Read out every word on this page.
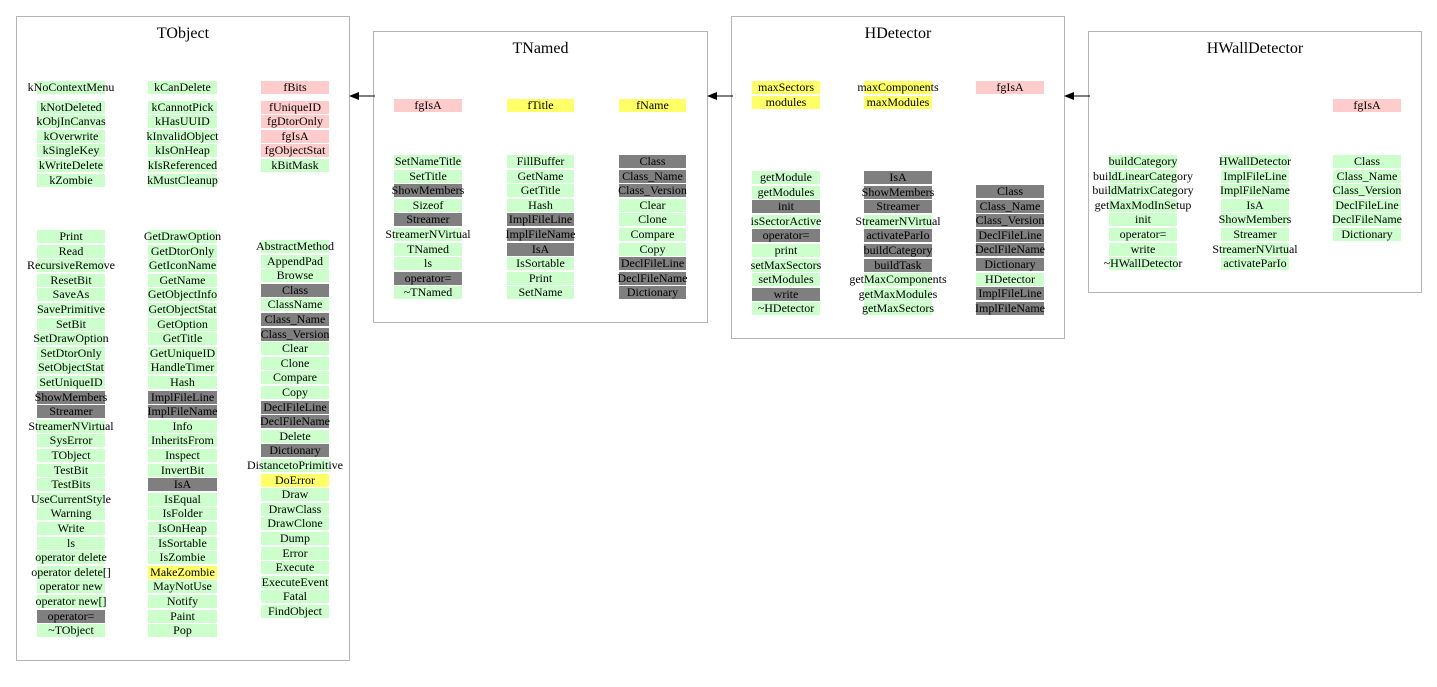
TObject
TNamed
HDetector
HWallDetector
kNoContextMenu
kNotDeleted
kObjInCanvas
kOverwrite
kSingleKey
kWriteDelete
kZombie
Print
Read
RecursiveRemove
ResetBit
SaveAs
SavePrimitive
SetBit
SetDrawOption
SetDtorOnly
SetObjectStat
SetUniqueID
ShowMembers
Streamer
StreamerNVirtual
SysError
TObject
TestBit
TestBits
UseCurrentStyle
Warning
Write
ls
operator delete
operator delete[]
operator new
operator new[]
operator=
~TObject
kCanDelete
kCannotPick
kHasUUID
kInvalidObject
kIsOnHeap
kIsReferenced
kMustCleanup
GetDrawOption
GetDtorOnly
GetIconName
GetName
GetObjectInfo
GetObjectStat
GetOption
GetTitle
GetUniqueID
HandleTimer
Hash
ImplFileLine
ImplFileName
Info
InheritsFrom
Inspect
InvertBit
IsA
IsEqual
IsFolder
IsOnHeap
IsSortable
IsZombie
MakeZombie
MayNotUse
Notify
Paint
Pop
fBits
fUniqueID
fgDtorOnly
fgIsA
fgObjectStat
kBitMask
AbstractMethod
AppendPad
Browse
Class
ClassName
Class_Name
Class_Version
Clear
Clone
Compare
Copy
DeclFileLine
DeclFileName
Delete
Dictionary
DistancetoPrimitive
DoError
Draw
DrawClass
DrawClone
Dump
Error
Execute
ExecuteEvent
Fatal
FindObject
fgIsA
SetNameTitle
SetTitle
ShowMembers
Sizeof
Streamer
StreamerNVirtual
TNamed
ls
operator=
~TNamed
fTitle
FillBuffer
GetName
GetTitle
Hash
ImplFileLine
ImplFileName
IsA
IsSortable
Print
SetName
fName
Class
Class_Name
Class_Version
Clear
Clone
Compare
Copy
DeclFileLine
DeclFileName
Dictionary
maxSectors
modules
getModule
getModules
init
isSectorActive
operator=
print
setMaxSectors
setModules
write
~HDetector
maxComponents
maxModules
IsA
ShowMembers
Streamer
StreamerNVirtual
activateParIo
buildCategory
buildTask
getMaxComponents
getMaxModules
getMaxSectors
fgIsA
Class
Class_Name
Class_Version
DeclFileLine
DeclFileName
Dictionary
HDetector
ImplFileLine
ImplFileName
buildCategory
buildLinearCategory
buildMatrixCategory
getMaxModInSetup
init
operator=
write
~HWallDetector
HWallDetector
ImplFileLine
ImplFileName
IsA
ShowMembers
Streamer
StreamerNVirtual
activateParIo
fgIsA
Class
Class_Name
Class_Version
DeclFileLine
DeclFileName
Dictionary
